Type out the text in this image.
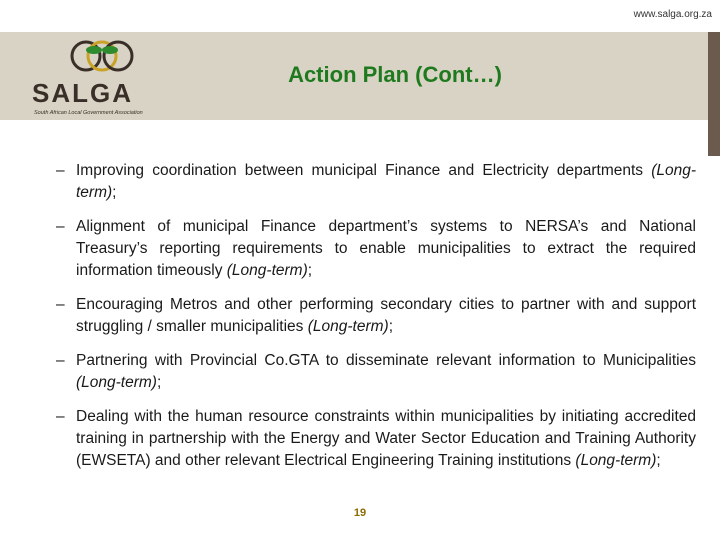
www.salga.org.za
SALGA
South African Local Government Association
Action Plan (Cont…)
– Improving coordination between municipal Finance and Electricity departments (Long-term);
– Alignment of municipal Finance department’s systems to NERSA’s and National Treasury’s reporting requirements to enable municipalities to extract the required information timeously (Long-term);
– Encouraging Metros and other performing secondary cities to partner with and support struggling / smaller municipalities (Long-term);
– Partnering with Provincial Co.GTA to disseminate relevant information to Municipalities (Long-term);
– Dealing with the human resource constraints within municipalities by initiating accredited training in partnership with the Energy and Water Sector Education and Training Authority (EWSETA) and other relevant Electrical Engineering Training institutions (Long-term);
19
